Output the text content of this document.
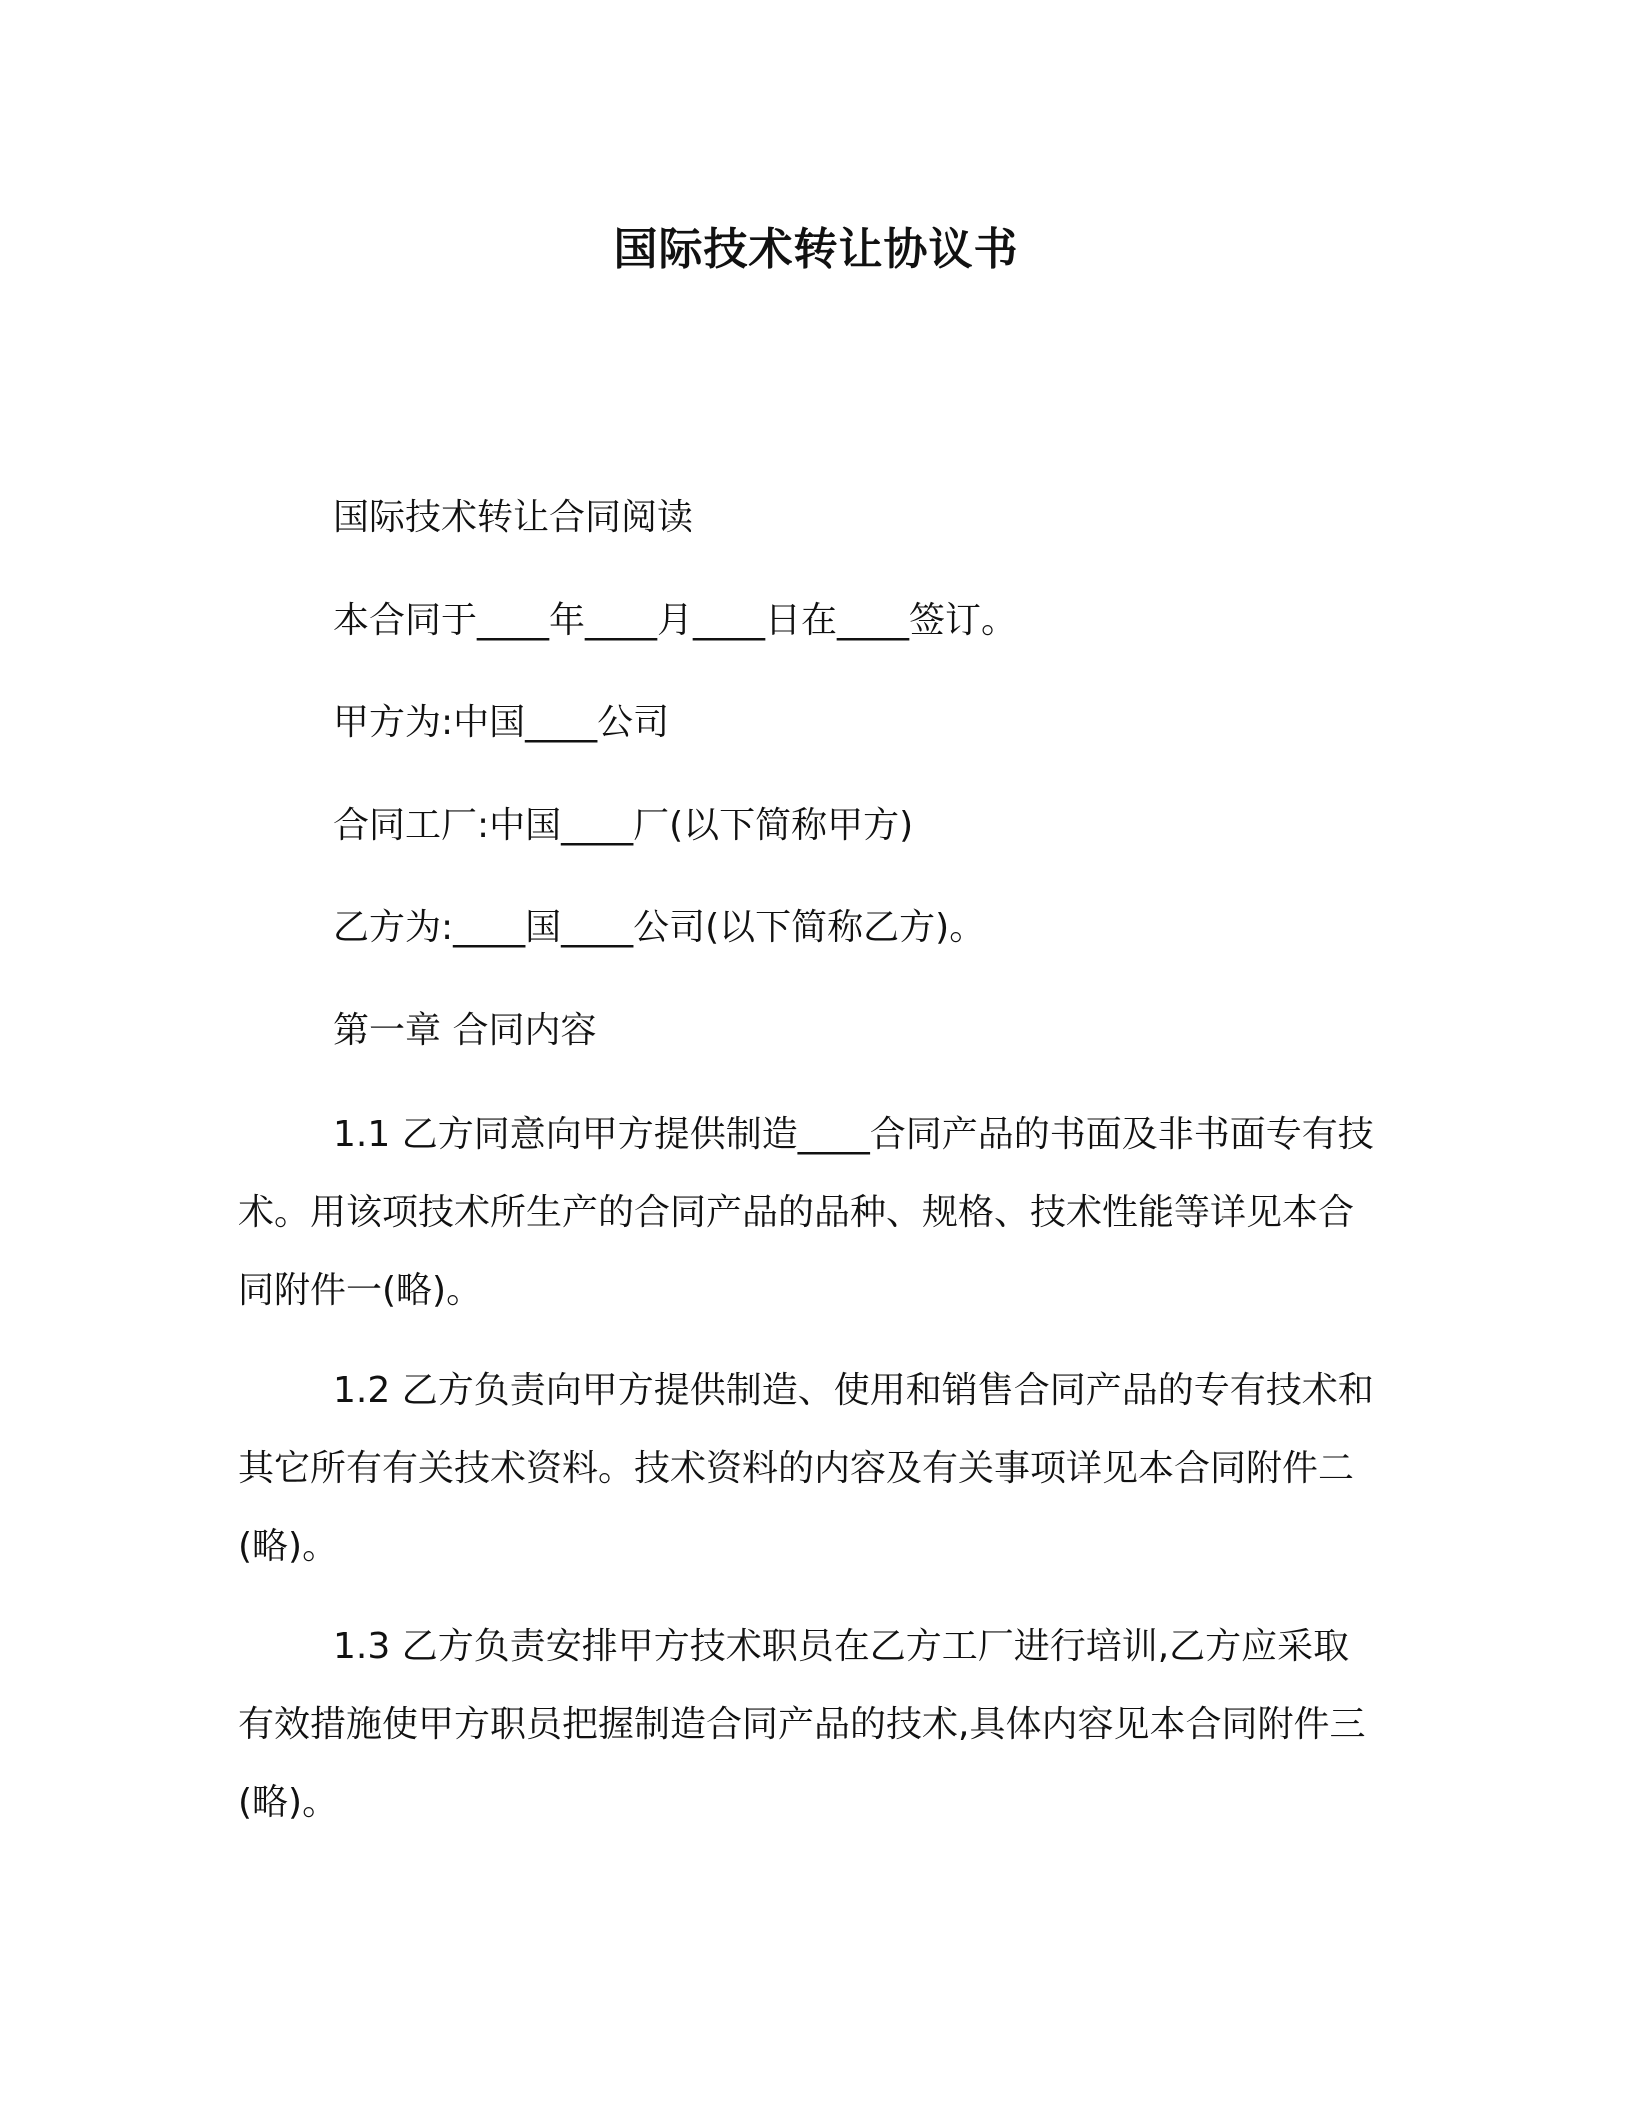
国际技术转让协议书
国际技术转让合同阅读
本合同于____年____月____日在____签订。
甲方为:中国____公司
合同工厂:中国____厂(以下简称甲方)
乙方为:____国____公司(以下简称乙方)。
第一章 合同内容

1.1 乙方同意向甲方提供制造____合同产品的书面及非书面专有技术。用该项技术所生产的合同产品的品种、规格、技术性能等详见本合同附件一(略)。

1.2 乙方负责向甲方提供制造、使用和销售合同产品的专有技术和其它所有有关技术资料。技术资料的内容及有关事项详见本合同附件二(略)。

1.3 乙方负责安排甲方技术职员在乙方工厂进行培训,乙方应采取有效措施使甲方职员把握制造合同产品的技术,具体内容见本合同附件三(略)。
